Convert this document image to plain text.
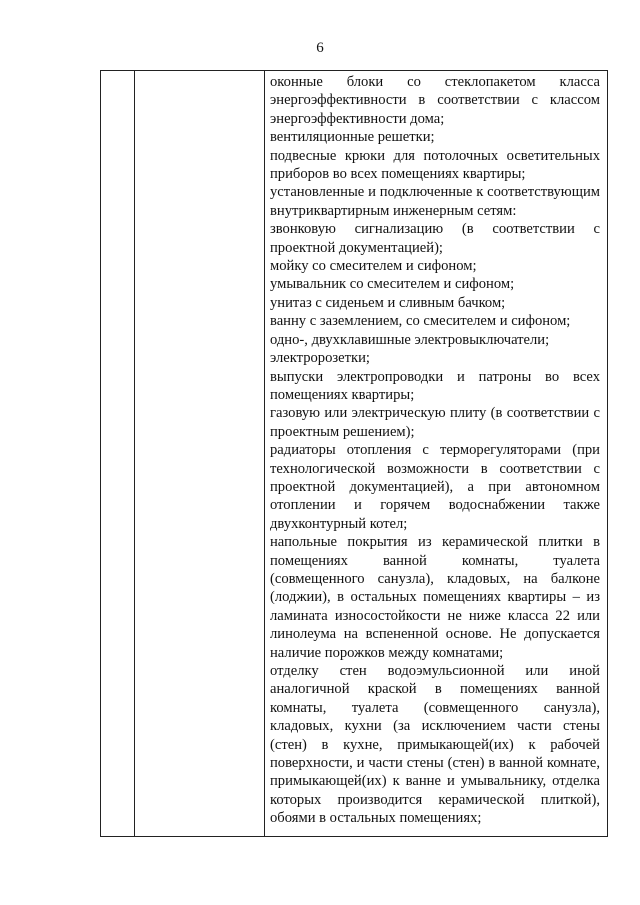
6

оконные блоки со стеклопакетом класса энергоэффективности в соответствии с классом энергоэффективности дома;

вентиляционные решетки;

подвесные крюки для потолочных осветительных приборов во всех помещениях квартиры;

установленные и подключенные к соответствующим внутриквартирным инженерным сетям:

звонковую сигнализацию (в соответствии с проектной документацией);

мойку со смесителем и сифоном;

умывальник со смесителем и сифоном;

унитаз с сиденьем и сливным бачком;

ванну с заземлением, со смесителем и сифоном;

одно-, двухклавишные электровыключатели;

электророзетки;

выпуски электропроводки и патроны во всех помещениях квартиры;

газовую или электрическую плиту (в соответствии с проектным решением);

радиаторы отопления с терморегуляторами (при технологической возможности в соответствии с проектной документацией), а при автономном отоплении и горячем водоснабжении также двухконтурный котел;

напольные покрытия из керамической плитки в помещениях ванной комнаты, туалета (совмещенного санузла), кладовых, на балконе (лоджии), в остальных помещениях квартиры – из ламината износостойкости не ниже класса 22 или линолеума на вспененной основе. Не допускается наличие порожков между комнатами;

отделку стен водоэмульсионной или иной аналогичной краской в помещениях ванной комнаты, туалета (совмещенного санузла), кладовых, кухни (за исключением части стены (стен) в кухне, примыкающей(их) к рабочей поверхности, и части стены (стен) в ванной комнате, примыкающей(их) к ванне и умывальнику, отделка которых производится керамической плиткой), обоями в остальных помещениях;
